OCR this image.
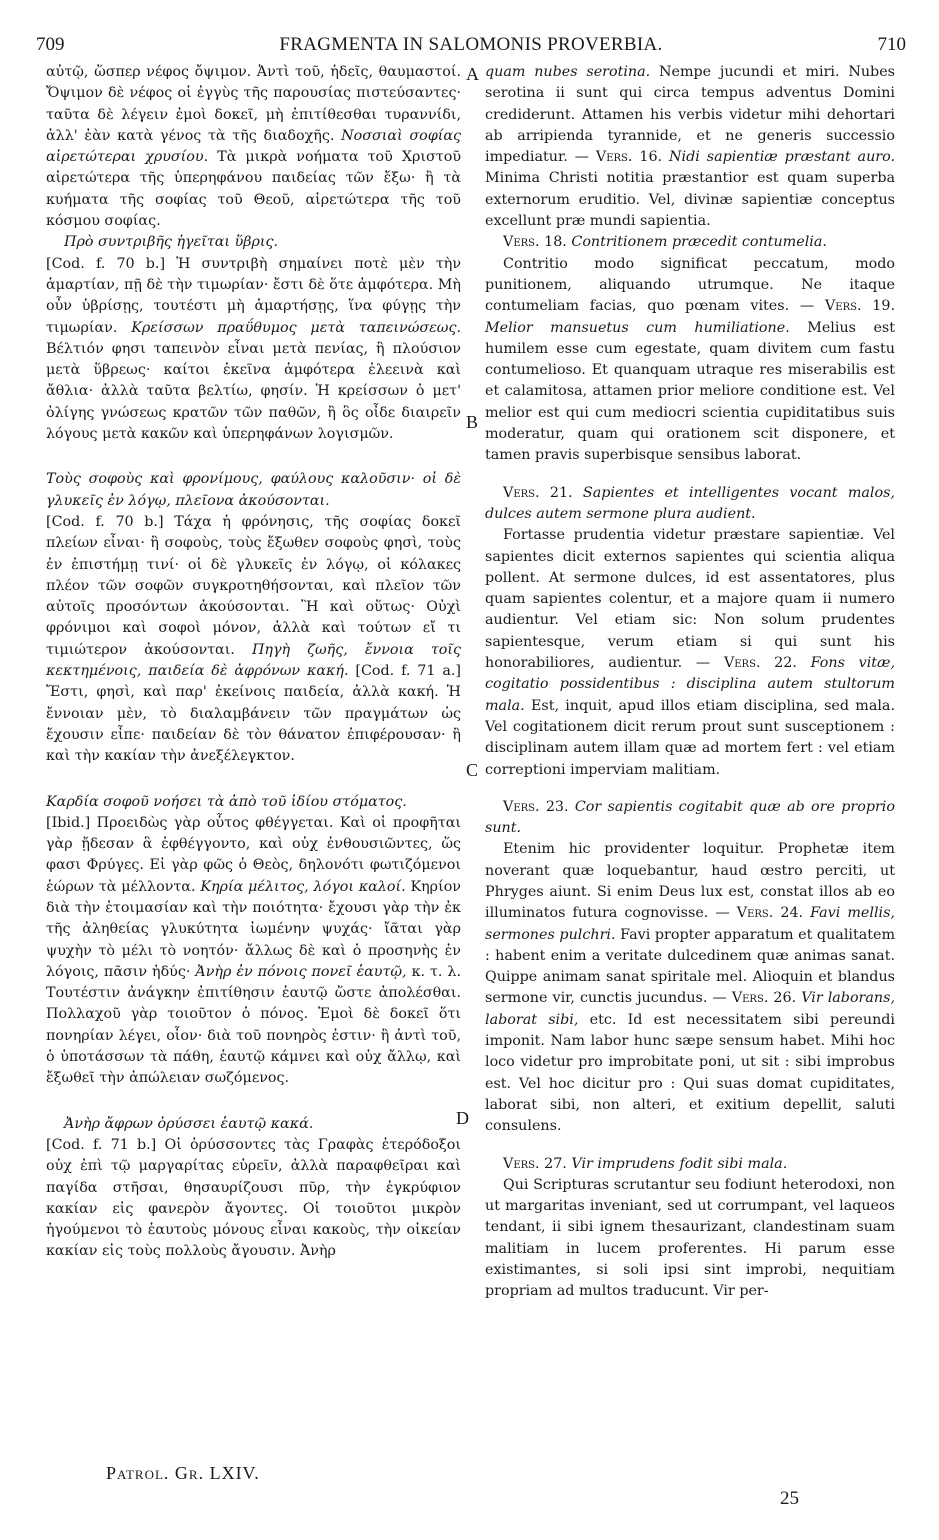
709	FRAGMENTA IN SALOMONIS PROVERBIA.	710

αὐτῷ, ὥσπερ νέφος ὄψιμον. Ἀντὶ τοῦ, ἡδεῖς, θαυμαστοί. Ὄψιμον δὲ νέφος οἱ ἐγγὺς τῆς παρουσίας πιστεύσαντες· ταῦτα δὲ λέγειν ἐμοὶ δοκεῖ, μὴ ἐπιτίθεσθαι τυραννίδι, ἀλλ' ἐὰν κατὰ γένος τὰ τῆς διαδοχῆς. Νοσσιαὶ σοφίας αἱρετώτεραι χρυσίου. Τὰ μικρὰ νοήματα τοῦ Χριστοῦ αἱρετώτερα τῆς ὑπερηφάνου παιδείας τῶν ἔξω· ἢ τὰ κυήματα τῆς σοφίας τοῦ Θεοῦ, αἱρετώτερα τῆς τοῦ κόσμου σοφίας.

Πρὸ συντριβῆς ἡγεῖται ὕβρις.

[Cod. f. 70 b.] Ἡ συντριβὴ σημαίνει ποτὲ μὲν τὴν ἁμαρτίαν, πῇ δὲ τὴν τιμωρίαν· ἔστι δὲ ὅτε ἀμφότερα. Μὴ οὖν ὑβρίσῃς, τουτέστι μὴ ἁμαρτήσῃς, ἵνα φύγῃς τὴν τιμωρίαν. Κρείσσων πραΰθυμος μετὰ ταπεινώσεως. Βέλτιόν φησι ταπεινὸν εἶναι μετὰ πενίας, ἢ πλούσιον μετὰ ὕβρεως· καίτοι ἐκεῖνα ἀμφότερα ἐλεεινὰ καὶ ἄθλια· ἀλλὰ ταῦτα βελτίω, φησίν. Ἡ κρείσσων ὁ μετ' ὀλίγης γνώσεως κρατῶν τῶν παθῶν, ἢ ὃς οἶδε διαιρεῖν λόγους μετὰ κακῶν καὶ ὑπερηφάνων λογισμῶν.

Τοὺς σοφοὺς καὶ φρονίμους, φαύλους καλοῦσιν· οἱ δὲ γλυκεῖς ἐν λόγῳ, πλεῖονα ἀκούσονται.

[Cod. f. 70 b.] Τάχα ἡ φρόνησις, τῆς σοφίας δοκεῖ πλείων εἶναι· ἢ σοφοὺς, τοὺς ἔξωθεν σοφοὺς φησὶ, τοὺς ἐν ἐπιστήμῃ τινί· οἱ δὲ γλυκεῖς ἐν λόγῳ, οἱ κόλακες πλέον τῶν σοφῶν συγκροτηθήσονται, καὶ πλεῖον τῶν αὐτοῖς προσόντων ἀκούσονται. Ἢ καὶ οὕτως· Οὐχὶ φρόνιμοι καὶ σοφοὶ μόνον, ἀλλὰ καὶ τούτων εἴ τι τιμιώτερον ἀκούσονται. Πηγὴ ζωῆς, ἔννοια τοῖς κεκτημένοις, παιδεία δὲ ἀφρόνων κακή. [Cod. f. 71 a.] Ἔστι, φησὶ, καὶ παρ' ἐκείνοις παιδεία, ἀλλὰ κακή. Ἡ ἔννοιαν μὲν, τὸ διαλαμβάνειν τῶν πραγμάτων ὡς ἔχουσιν εἶπε· παιδείαν δὲ τὸν θάνατον ἐπιφέρουσαν· ἢ καὶ τὴν κακίαν τὴν ἀνεξέλεγκτον.

Καρδία σοφοῦ νοήσει τὰ ἀπὸ τοῦ ἰδίου στόματος.

[Ibid.] Προειδὼς γὰρ οὗτος φθέγγεται. Καὶ οἱ προφῆται γὰρ ᾔδεσαν ἃ ἐφθέγγοντο, καὶ οὐχ ἐνθουσιῶντες, ὥς φασι Φρύγες. Εἰ γὰρ φῶς ὁ Θεὸς, δηλονότι φωτιζόμενοι ἑώρων τὰ μέλλοντα. Κηρία μέλιτος, λόγοι καλοί. Κηρίον διὰ τὴν ἑτοιμασίαν καὶ τὴν ποιότητα· ἔχουσι γὰρ τὴν ἐκ τῆς ἀληθείας γλυκύτητα ἰωμένην ψυχάς· ἴᾶται γὰρ ψυχὴν τὸ μέλι τὸ νοητόν· ἄλλως δὲ καὶ ὁ προσηνὴς ἐν λόγοις, πᾶσιν ἡδύς· Ἀνὴρ ἐν πόνοις πονεῖ ἑαυτῷ, κ. τ. λ. Τουτέστιν ἀνάγκην ἐπιτίθησιν ἑαυτῷ ὥστε ἀπολέσθαι. Πολλαχοῦ γὰρ τοιοῦτον ὁ πόνος. Ἐμοὶ δὲ δοκεῖ ὅτι πονηρίαν λέγει, οἷον· διὰ τοῦ πονηρὸς ἐστιν· ἢ ἀντὶ τοῦ, ὁ ὑποτάσσων τὰ πάθη, ἑαυτῷ κάμνει καὶ οὐχ ἄλλῳ, καὶ ἔξωθεῖ τὴν ἀπώλειαν σωζόμενος.

Ἀνὴρ ἄφρων ὀρύσσει ἑαυτῷ κακά.

[Cod. f. 71 b.] Οἱ ὀρύσσοντες τὰς Γραφὰς ἑτερόδοξοι οὐχ ἐπὶ τῷ μαργαρίτας εὑρεῖν, ἀλλὰ παραφθεῖραι καὶ παγίδα στῆσαι, θησαυρίζουσι πῦρ, τὴν ἐγκρύφιον κακίαν εἰς φανερὸν ἄγοντες. Οἱ τοιοῦτοι μικρὸν ἡγούμενοι τὸ ἑαυτοὺς μόνους εἶναι κακοὺς, τὴν οἰκείαν κακίαν εἰς τοὺς πολλοὺς ἄγουσιν. Ἀνὴρ

A
B
C
D

quam nubes serotina. Nempe jucundi et miri. Nubes serotina ii sunt qui circa tempus adventus Domini crediderunt. Attamen his verbis videtur mihi dehortari ab arripienda tyrannide, et ne generis successio impediatur. — Vers. 16. Nidi sapientiæ præstant auro. Minima Christi notitia præstantior est quam superba externorum eruditio. Vel, divinæ sapientiæ conceptus excellunt præ mundi sapientia.

Vers. 18. Contritionem præcedit contumelia.

Contritio modo significat peccatum, modo punitionem, aliquando utrumque. Ne itaque contumeliam facias, quo pœnam vites. — Vers. 19. Melior mansuetus cum humiliatione. Melius est humilem esse cum egestate, quam divitem cum fastu contumelioso. Et quanquam utraque res miserabilis est et calamitosa, attamen prior meliore conditione est. Vel melior est qui cum mediocri scientia cupiditatibus suis moderatur, quam qui orationem scit disponere, et tamen pravis superbisque sensibus laborat.

Vers. 21. Sapientes et intelligentes vocant malos, dulces autem sermone plura audient.

Fortasse prudentia videtur præstare sapientiæ. Vel sapientes dicit externos sapientes qui scientia aliqua pollent. At sermone dulces, id est assentatores, plus quam sapientes colentur, et a majore quam ii numero audientur. Vel etiam sic: Non solum prudentes sapientesque, verum etiam si qui sunt his honorabiliores, audientur. — Vers. 22. Fons vitæ, cogitatio possidentibus : disciplina autem stultorum mala. Est, inquit, apud illos etiam disciplina, sed mala. Vel cogitationem dicit rerum prout sunt susceptionem : disciplinam autem illam quæ ad mortem fert : vel etiam correptioni imperviam malitiam.

Vers. 23. Cor sapientis cogitabit quæ ab ore proprio sunt.

Etenim hic providenter loquitur. Prophetæ item noverant quæ loquebantur, haud œstro perciti, ut Phryges aiunt. Si enim Deus lux est, constat illos ab eo illuminatos futura cognovisse. — Vers. 24. Favi mellis, sermones pulchri. Favi propter apparatum et qualitatem : habent enim a veritate dulcedinem quæ animas sanat. Quippe animam sanat spiritale mel. Alioquin et blandus sermone vir, cunctis jucundus. — Vers. 26. Vir laborans, laborat sibi, etc. Id est necessitatem sibi pereundi imponit. Nam labor hunc sæpe sensum habet. Mihi hoc loco videtur pro improbitate poni, ut sit : sibi improbus est. Vel hoc dicitur pro : Qui suas domat cupiditates, laborat sibi, non alteri, et exitium depellit, saluti consulens.

Vers. 27. Vir imprudens fodit sibi mala.

Qui Scripturas scrutantur seu fodiunt heterodoxi, non ut margaritas inveniant, sed ut corrumpant, vel laqueos tendant, ii sibi ignem thesaurizant, clandestinam suam malitiam in lucem proferentes. Hi parum esse existimantes, si soli ipsi sint improbi, nequitiam propriam ad multos traducunt. Vir per-

Patrol. Gr. LXIV.
25
